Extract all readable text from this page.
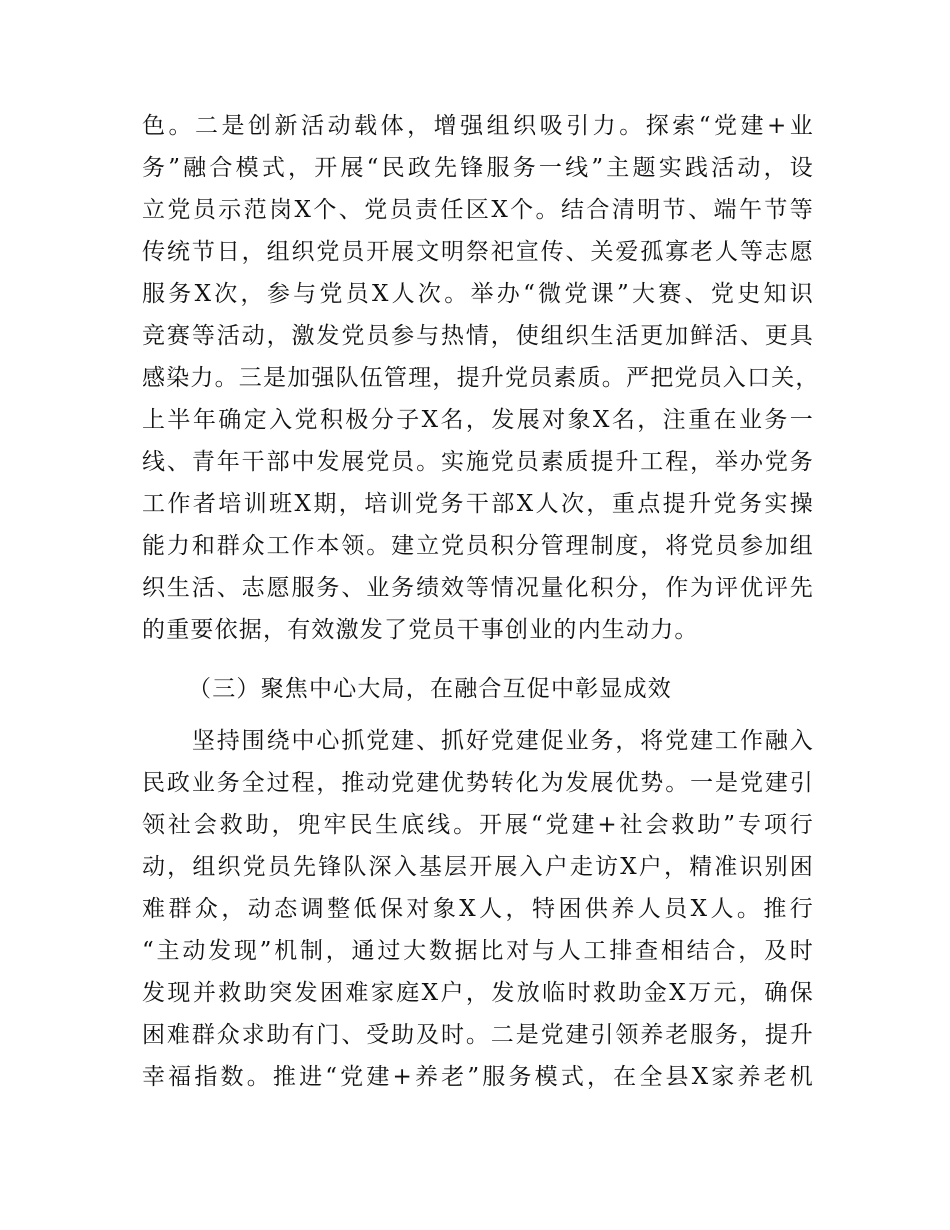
色。二是创新活动载体，增强组织吸引力。探索“党建+业
务”融合模式，开展“民政先锋服务一线”主题实践活动，设
立党员示范岗X个、党员责任区X个。结合清明节、端午节等
传统节日，组织党员开展文明祭祀宣传、关爱孤寡老人等志愿
服务X次，参与党员X人次。举办“微党课”大赛、党史知识
竞赛等活动，激发党员参与热情，使组织生活更加鲜活、更具
感染力。三是加强队伍管理，提升党员素质。严把党员入口关，
上半年确定入党积极分子X名，发展对象X名，注重在业务一
线、青年干部中发展党员。实施党员素质提升工程，举办党务
工作者培训班X期，培训党务干部X人次，重点提升党务实操
能力和群众工作本领。建立党员积分管理制度，将党员参加组
织生活、志愿服务、业务绩效等情况量化积分，作为评优评先
的重要依据，有效激发了党员干事创业的内生动力。
（三）聚焦中心大局，在融合互促中彰显成效
　　坚持围绕中心抓党建、抓好党建促业务，将党建工作融入
民政业务全过程，推动党建优势转化为发展优势。一是党建引
领社会救助，兜牢民生底线。开展“党建+社会救助”专项行
动，组织党员先锋队深入基层开展入户走访X户，精准识别困
难群众，动态调整低保对象X人，特困供养人员X人。推行
“主动发现”机制，通过大数据比对与人工排查相结合，及时
发现并救助突发困难家庭X户，发放临时救助金X万元，确保
困难群众求助有门、受助及时。二是党建引领养老服务，提升
幸福指数。推进“党建+养老”服务模式，在全县X家养老机
